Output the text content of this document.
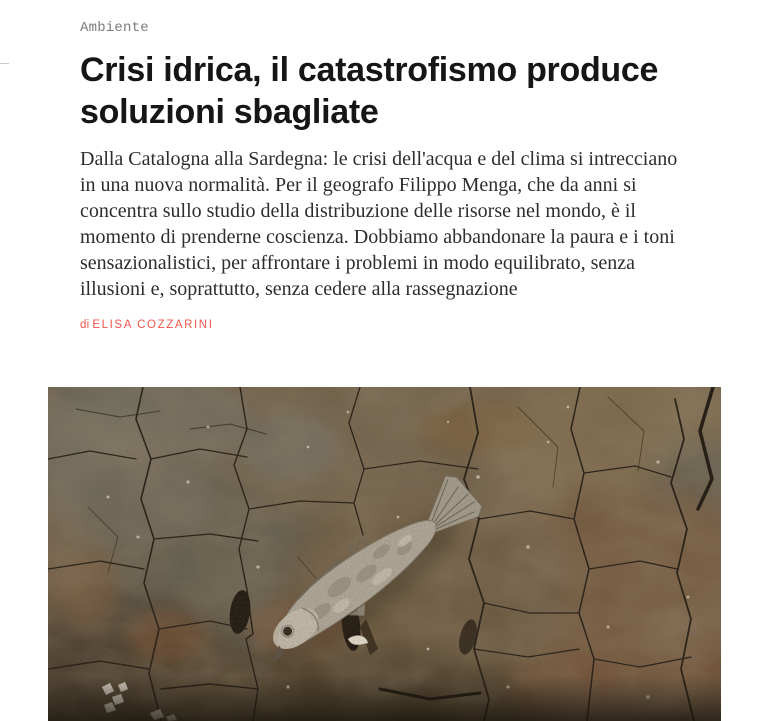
Ambiente
Crisi idrica, il catastrofismo produce soluzioni sbagliate

Dalla Catalogna alla Sardegna: le crisi dell'acqua e del clima si intrecciano in una nuova normalità. Per il geografo Filippo Menga, che da anni si concentra sullo studio della distribuzione delle risorse nel mondo, è il momento di prenderne coscienza. Dobbiamo abbandonare la paura e i toni sensazionalistici, per affrontare i problemi in modo equilibrato, senza illusioni e, soprattutto, senza cedere alla rassegnazione

di ELISA COZZARINI
